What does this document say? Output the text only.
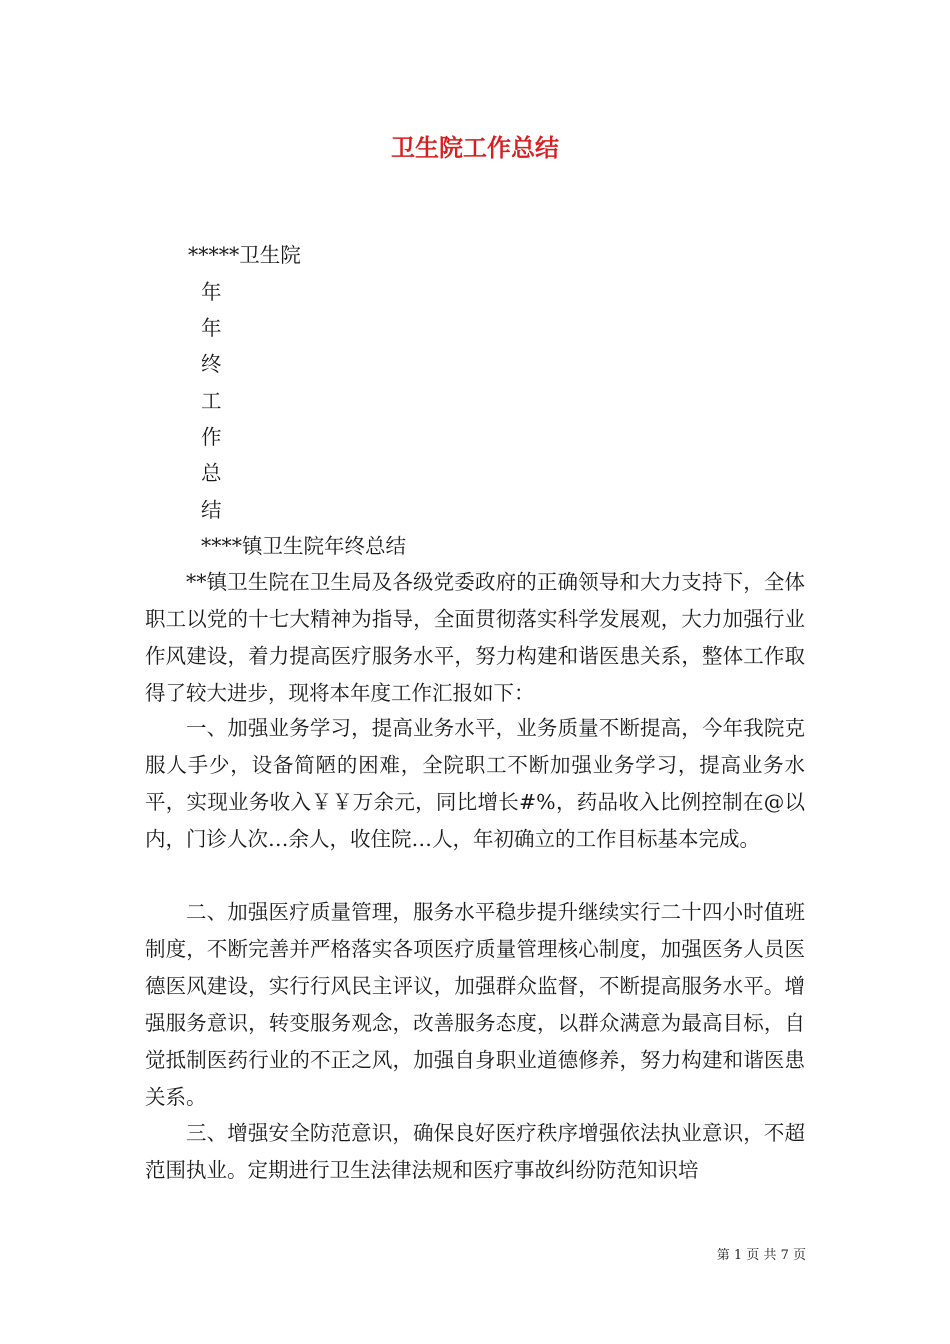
卫生院工作总结

*****卫生院

年

年

终

工

作

总

结

****镇卫生院年终总结

**镇卫生院在卫生局及各级党委政府的正确领导和大力支持下，全体职工以党的十七大精神为指导，全面贯彻落实科学发展观，大力加强行业作风建设，着力提高医疗服务水平，努力构建和谐医患关系，整体工作取得了较大进步，现将本年度工作汇报如下：

一、加强业务学习，提高业务水平，业务质量不断提高，今年我院克服人手少，设备简陋的困难，全院职工不断加强业务学习，提高业务水平，实现业务收入￥￥万余元，同比增长#%，药品收入比例控制在@以内，门诊人次…余人，收住院…人，年初确立的工作目标基本完成。

二、加强医疗质量管理，服务水平稳步提升继续实行二十四小时值班制度，不断完善并严格落实各项医疗质量管理核心制度，加强医务人员医德医风建设，实行行风民主评议，加强群众监督，不断提高服务水平。增强服务意识，转变服务观念，改善服务态度，以群众满意为最高目标，自觉抵制医药行业的不正之风，加强自身职业道德修养，努力构建和谐医患关系。

三、增强安全防范意识，确保良好医疗秩序增强依法执业意识，不超范围执业。定期进行卫生法律法规和医疗事故纠纷防范知识培

第 1 页 共 7 页
